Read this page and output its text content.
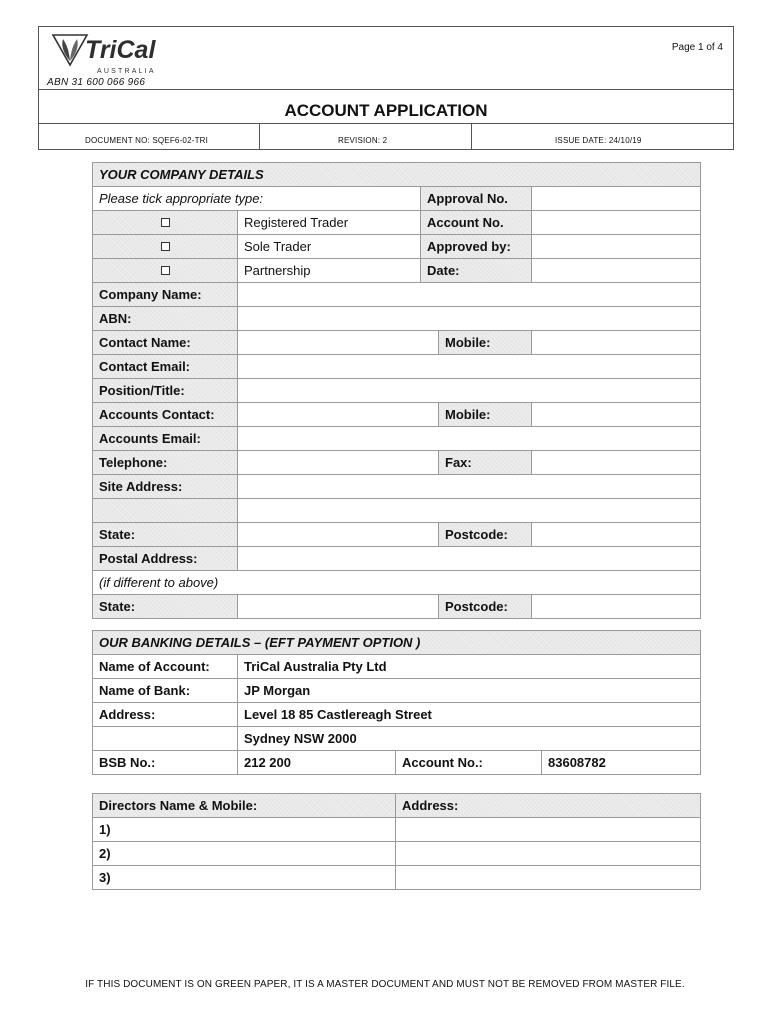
TriCal
AUSTRALIA
Page 1 of 4
ABN 31 600 066 966
ACCOUNT APPLICATION
DOCUMENT NO: SQEF6-02-TRI	REVISION: 2	ISSUE DATE: 24/10/19
YOUR COMPANY DETAILS				
Please tick appropriate type:		Approval No.		
	Registered Trader	Account No.		
	Sole Trader	Approved by:		
	Partnership	Date:		
Company Name:				
ABN:				
Contact Name:			Mobile:	
Contact Email:				
Position/Title:				
Accounts Contact:			Mobile:	
Accounts Email:				
Telephone:			Fax:	
Site Address:				

State:			Postcode:	
Postal Address:				
(if different to above)				
State:			Postcode:	
OUR BANKING DETAILS – (EFT PAYMENT OPTION )			
Name of Account:	TriCal Australia Pty Ltd		
Name of Bank:	JP Morgan		
Address:	Level 18 85 Castlereagh Street		
	Sydney NSW 2000		
BSB No.:	212 200	Account No.:	83608782
Directors Name & Mobile:	Address:
1)	
2)	
3)	
IF THIS DOCUMENT IS ON GREEN PAPER, IT IS A MASTER DOCUMENT AND MUST NOT BE REMOVED FROM MASTER FILE.
